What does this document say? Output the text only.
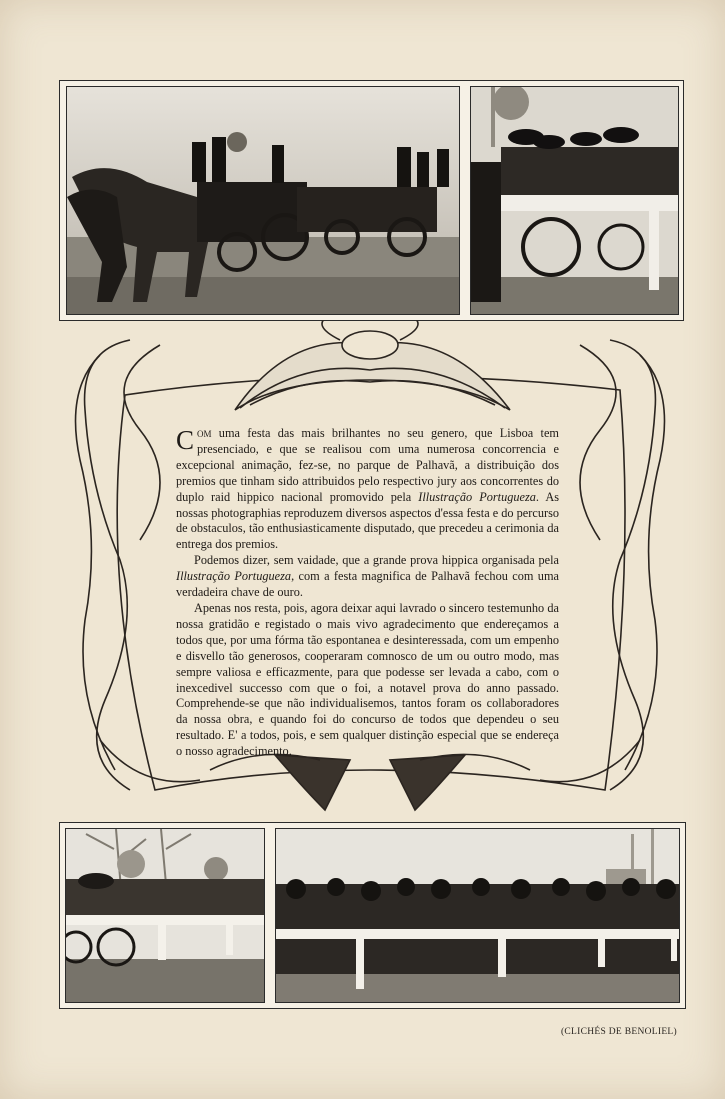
Com uma festa das mais brilhantes no seu genero, que Lisboa tem presenciado, e que se realisou com uma numerosa concorrencia e excepcional animação, fez-se, no parque de Palhavã, a distribuição dos premios que tinham sido attribuidos pelo respectivo jury aos concorrentes do duplo raid hippico nacional promovido pela Illustração Portugueza. As nossas photographias reproduzem diversos aspectos d'essa festa e do percurso de obstaculos, tão enthusiasticamente disputado, que precedeu a cerimonia da entrega dos premios.

Podemos dizer, sem vaidade, que a grande prova hippica organisada pela Illustração Portugueza, com a festa magnifica de Palhavã fechou com uma verdadeira chave de ouro.

Apenas nos resta, pois, agora deixar aqui lavrado o sincero testemunho da nossa gratidão e registado o mais vivo agradecimento que endereçamos a todos que, por uma fórma tão espontanea e desinteressada, com um empenho e disvello tão generosos, cooperaram comnosco de um ou outro modo, mas sempre valiosa e efficazmente, para que podesse ser levada a cabo, com o inexcedivel successo com que o foi, a notavel prova do anno passado. Comprehende-se que não individualisemos, tantos foram os collaboradores da nossa obra, e quando foi do concurso de todos que dependeu o seu resultado. E' a todos, pois, e sem qualquer distinção especial que se endereça o nosso agradecimento.

(CLICHÉS DE BENOLIEL)
